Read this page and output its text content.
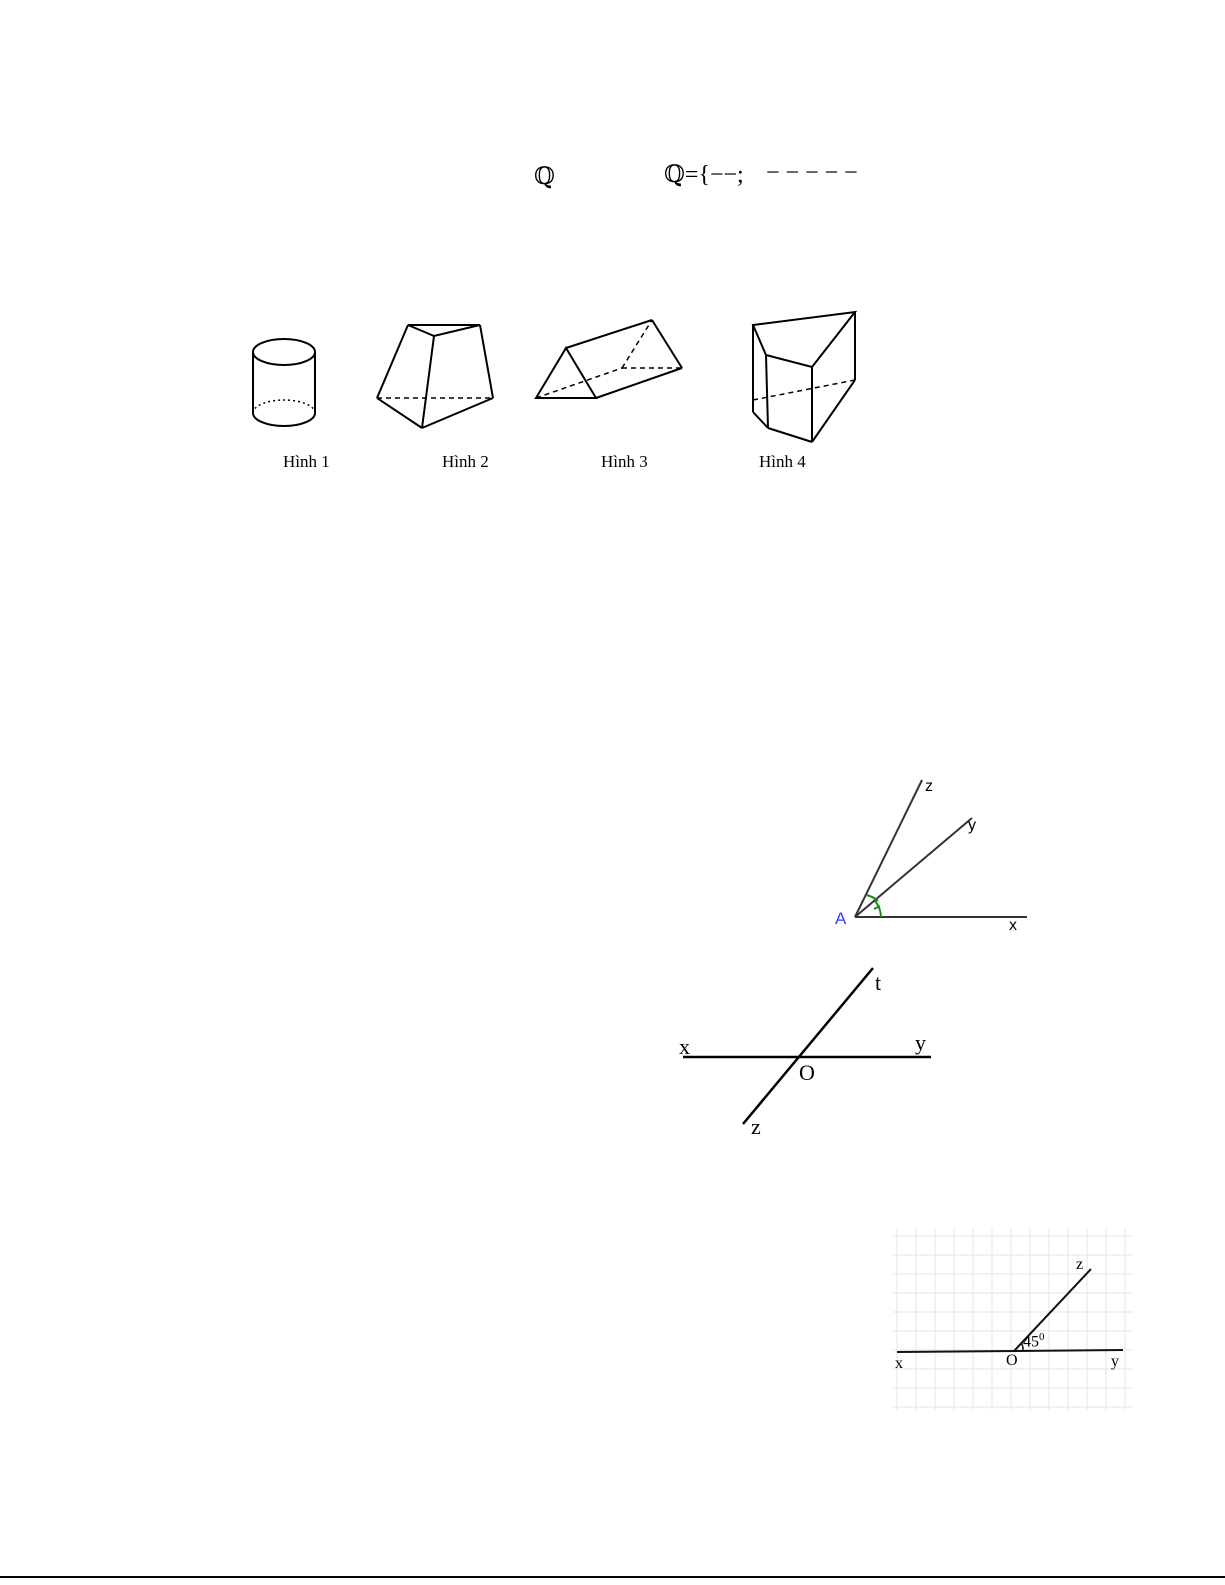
ℚ	ℚ={−−; − − − − −
Hình 1	Hình 2	Hình 3	Hình 4
A
z
y
x
x	y
t
z
O
z
x	y
O
$45^0$
